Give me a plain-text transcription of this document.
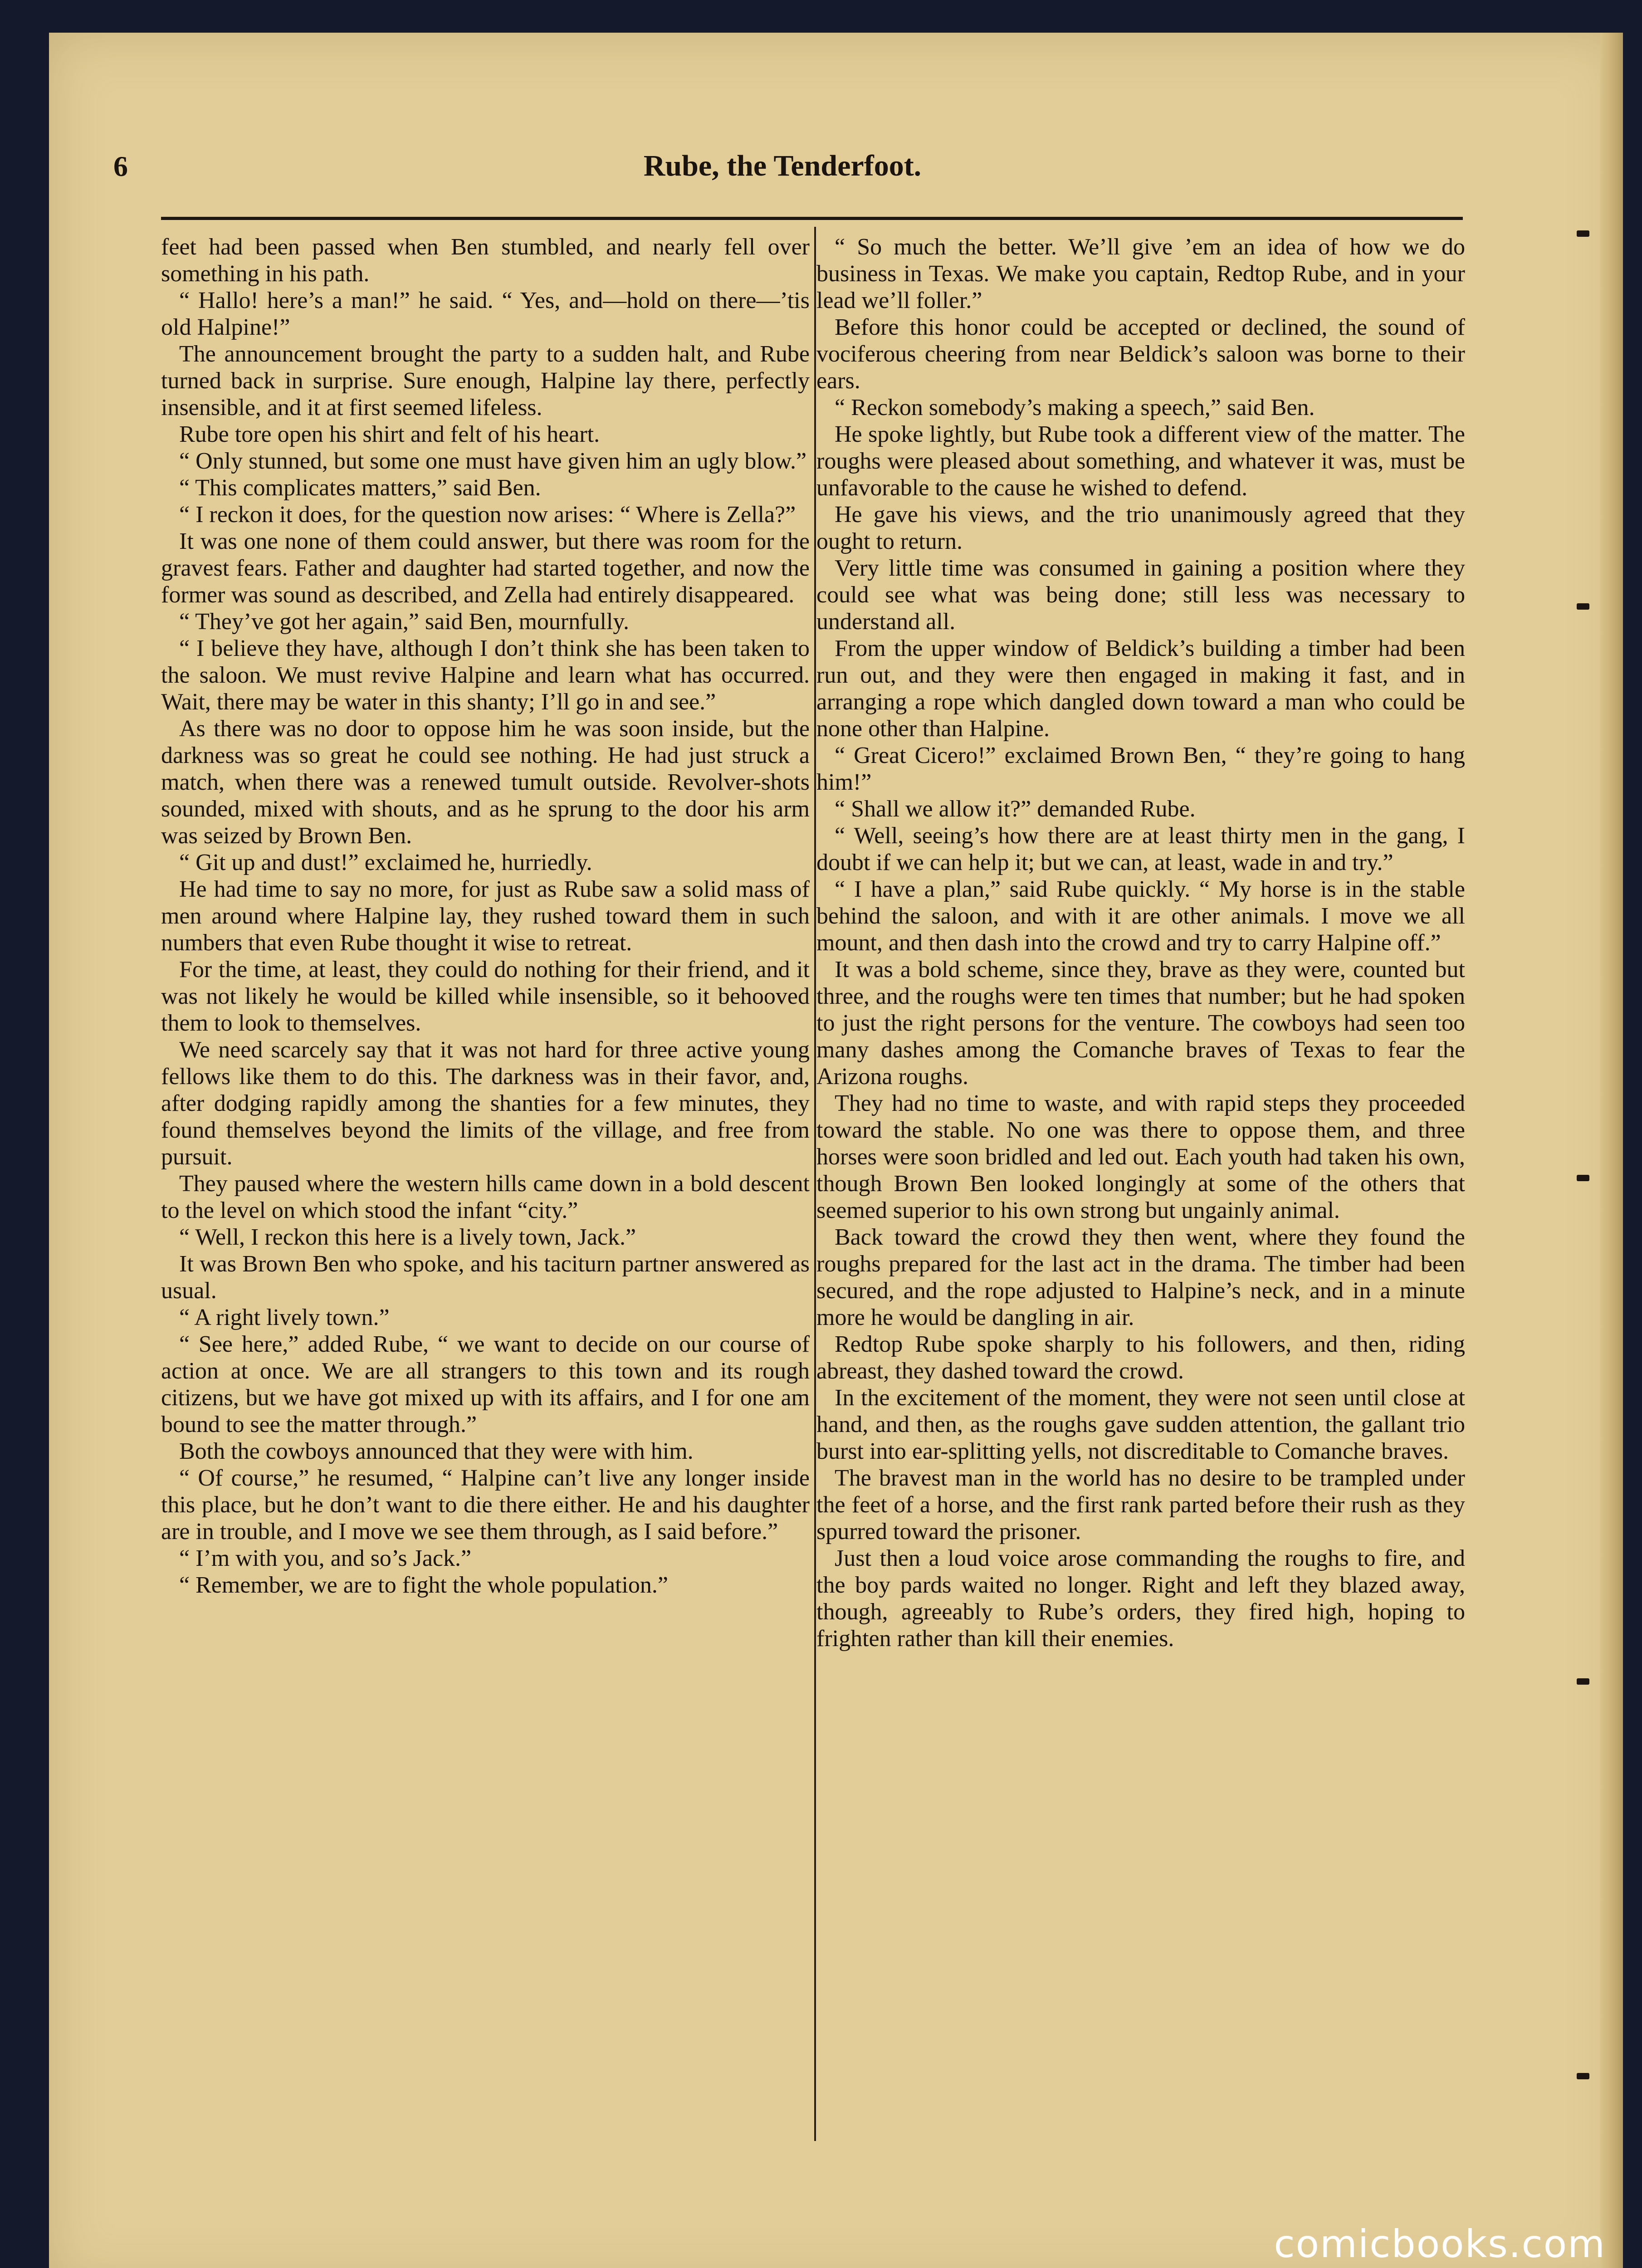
6	Rube, the Tenderfoot.

feet had been passed when Ben stumbled, and nearly fell over something in his path.

“ Hallo! here’s a man!” he said. “ Yes, and—hold on there—’tis old Halpine!”

The announcement brought the party to a sudden halt, and Rube turned back in surprise. Sure enough, Halpine lay there, perfectly insensible, and it at first seemed lifeless.

Rube tore open his shirt and felt of his heart.

“ Only stunned, but some one must have given him an ugly blow.”

“ This complicates matters,” said Ben.

“ I reckon it does, for the question now arises: “ Where is Zella?”

It was one none of them could answer, but there was room for the gravest fears. Father and daughter had started together, and now the former was sound as described, and Zella had entirely disappeared.

“ They’ve got her again,” said Ben, mournfully.

“ I believe they have, although I don’t think she has been taken to the saloon. We must revive Halpine and learn what has occurred. Wait, there may be water in this shanty; I’ll go in and see.”

As there was no door to oppose him he was soon inside, but the darkness was so great he could see nothing. He had just struck a match, when there was a renewed tumult outside. Revolver-shots sounded, mixed with shouts, and as he sprung to the door his arm was seized by Brown Ben.

“ Git up and dust!” exclaimed he, hurriedly.

He had time to say no more, for just as Rube saw a solid mass of men around where Halpine lay, they rushed toward them in such numbers that even Rube thought it wise to retreat.

For the time, at least, they could do nothing for their friend, and it was not likely he would be killed while insensible, so it behooved them to look to themselves.

We need scarcely say that it was not hard for three active young fellows like them to do this. The darkness was in their favor, and, after dodging rapidly among the shanties for a few minutes, they found themselves beyond the limits of the village, and free from pursuit.

They paused where the western hills came down in a bold descent to the level on which stood the infant “city.”

“ Well, I reckon this here is a lively town, Jack.”

It was Brown Ben who spoke, and his taciturn partner answered as usual.

“ A right lively town.”

“ See here,” added Rube, “ we want to decide on our course of action at once. We are all strangers to this town and its rough citizens, but we have got mixed up with its affairs, and I for one am bound to see the matter through.”

Both the cowboys announced that they were with him.

“ Of course,” he resumed, “ Halpine can’t live any longer inside this place, but he don’t want to die there either. He and his daughter are in trouble, and I move we see them through, as I said before.”

“ I’m with you, and so’s Jack.”

“ Remember, we are to fight the whole population.”

“ So much the better. We’ll give ’em an idea of how we do business in Texas. We make you captain, Redtop Rube, and in your lead we’ll foller.”

Before this honor could be accepted or declined, the sound of vociferous cheering from near Beldick’s saloon was borne to their ears.

“ Reckon somebody’s making a speech,” said Ben.

He spoke lightly, but Rube took a different view of the matter. The roughs were pleased about something, and whatever it was, must be unfavorable to the cause he wished to defend.

He gave his views, and the trio unanimously agreed that they ought to return.

Very little time was consumed in gaining a position where they could see what was being done; still less was necessary to understand all.

From the upper window of Beldick’s building a timber had been run out, and they were then engaged in making it fast, and in arranging a rope which dangled down toward a man who could be none other than Halpine.

“ Great Cicero!” exclaimed Brown Ben, “ they’re going to hang him!”

“ Shall we allow it?” demanded Rube.

“ Well, seeing’s how there are at least thirty men in the gang, I doubt if we can help it; but we can, at least, wade in and try.”

“ I have a plan,” said Rube quickly. “ My horse is in the stable behind the saloon, and with it are other animals. I move we all mount, and then dash into the crowd and try to carry Halpine off.”

It was a bold scheme, since they, brave as they were, counted but three, and the roughs were ten times that number; but he had spoken to just the right persons for the venture. The cowboys had seen too many dashes among the Comanche braves of Texas to fear the Arizona roughs.

They had no time to waste, and with rapid steps they proceeded toward the stable. No one was there to oppose them, and three horses were soon bridled and led out. Each youth had taken his own, though Brown Ben looked longingly at some of the others that seemed superior to his own strong but ungainly animal.

Back toward the crowd they then went, where they found the roughs prepared for the last act in the drama. The timber had been secured, and the rope adjusted to Halpine’s neck, and in a minute more he would be dangling in air.

Redtop Rube spoke sharply to his followers, and then, riding abreast, they dashed toward the crowd.

In the excitement of the moment, they were not seen until close at hand, and then, as the roughs gave sudden attention, the gallant trio burst into ear-splitting yells, not discreditable to Comanche braves.

The bravest man in the world has no desire to be trampled under the feet of a horse, and the first rank parted before their rush as they spurred toward the prisoner.

Just then a loud voice arose commanding the roughs to fire, and the boy pards waited no longer. Right and left they blazed away, though, agreeably to Rube’s orders, they fired high, hoping to frighten rather than kill their enemies.

comicbooks.com
